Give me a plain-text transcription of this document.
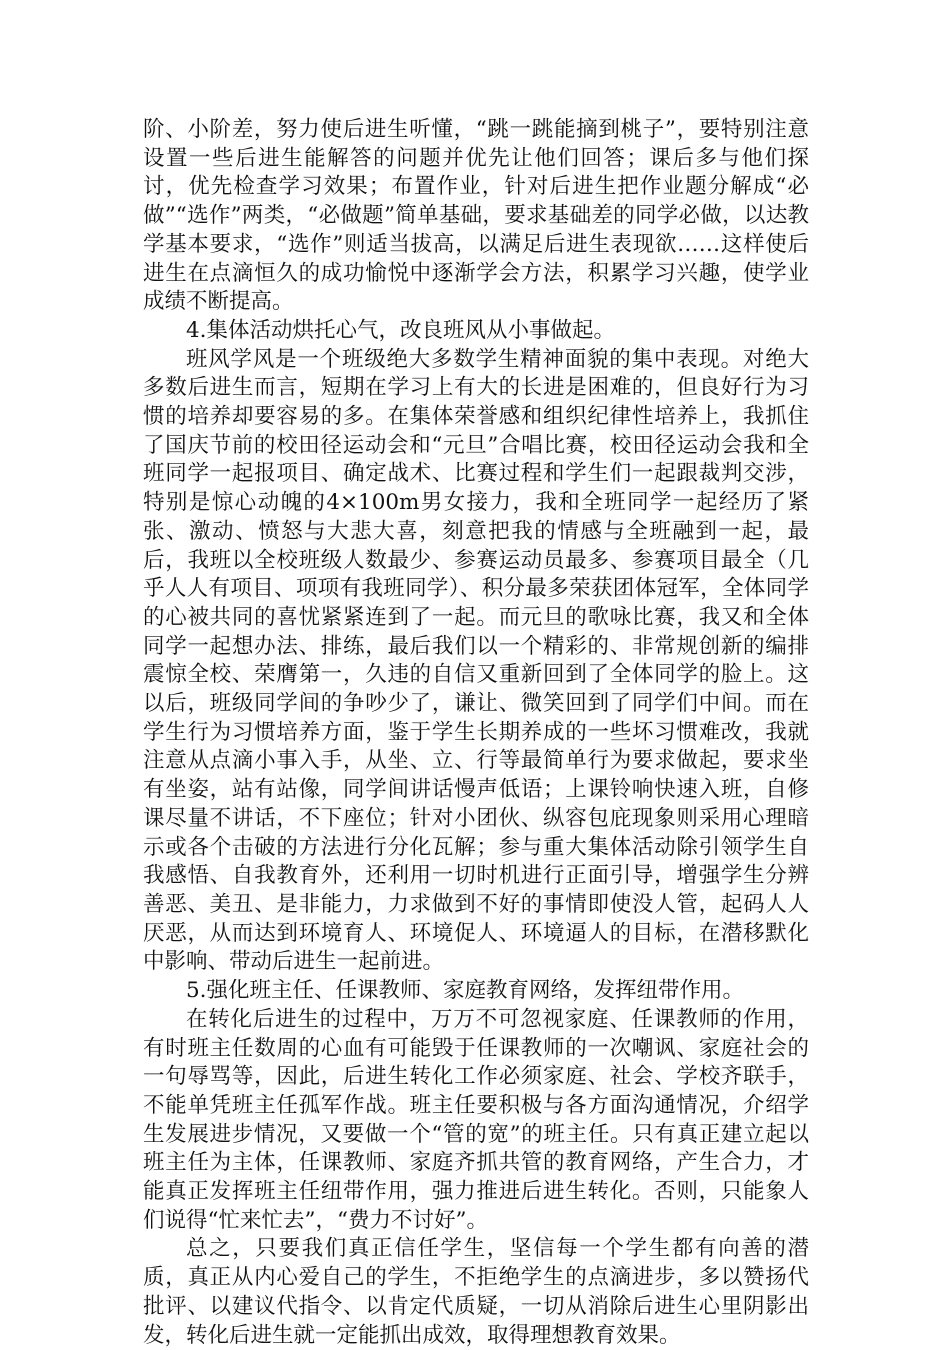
阶、小阶差，努力使后进生听懂，“跳一跳能摘到桃子”，要特别注意设置一些后进生能解答的问题并优先让他们回答；课后多与他们探讨，优先检查学习效果；布置作业，针对后进生把作业题分解成“必做”“选作”两类，“必做题”简单基础，要求基础差的同学必做，以达教学基本要求，“选作”则适当拔高，以满足后进生表现欲……这样使后进生在点滴恒久的成功愉悦中逐渐学会方法，积累学习兴趣，使学业成绩不断提高。

4.集体活动烘托心气，改良班风从小事做起。

班风学风是一个班级绝大多数学生精神面貌的集中表现。对绝大多数后进生而言，短期在学习上有大的长进是困难的，但良好行为习惯的培养却要容易的多。在集体荣誉感和组织纪律性培养上，我抓住了国庆节前的校田径运动会和“元旦”合唱比赛，校田径运动会我和全班同学一起报项目、确定战术、比赛过程和学生们一起跟裁判交涉，特别是惊心动魄的4×100m男女接力，我和全班同学一起经历了紧张、激动、愤怒与大悲大喜，刻意把我的情感与全班融到一起，最后，我班以全校班级人数最少、参赛运动员最多、参赛项目最全（几乎人人有项目、项项有我班同学）、积分最多荣获团体冠军，全体同学的心被共同的喜忧紧紧连到了一起。而元旦的歌咏比赛，我又和全体同学一起想办法、排练，最后我们以一个精彩的、非常规创新的编排震惊全校、荣膺第一，久违的自信又重新回到了全体同学的脸上。这以后，班级同学间的争吵少了，谦让、微笑回到了同学们中间。而在学生行为习惯培养方面，鉴于学生长期养成的一些坏习惯难改，我就注意从点滴小事入手，从坐、立、行等最简单行为要求做起，要求坐有坐姿，站有站像，同学间讲话慢声低语；上课铃响快速入班，自修课尽量不讲话，不下座位；针对小团伙、纵容包庇现象则采用心理暗示或各个击破的方法进行分化瓦解；参与重大集体活动除引领学生自我感悟、自我教育外，还利用一切时机进行正面引导，增强学生分辨善恶、美丑、是非能力，力求做到不好的事情即使没人管，起码人人厌恶，从而达到环境育人、环境促人、环境逼人的目标，在潜移默化中影响、带动后进生一起前进。

5.强化班主任、任课教师、家庭教育网络，发挥纽带作用。

在转化后进生的过程中，万万不可忽视家庭、任课教师的作用，有时班主任数周的心血有可能毁于任课教师的一次嘲讽、家庭社会的一句辱骂等，因此，后进生转化工作必须家庭、社会、学校齐联手，不能单凭班主任孤军作战。班主任要积极与各方面沟通情况，介绍学生发展进步情况，又要做一个“管的宽”的班主任。只有真正建立起以班主任为主体，任课教师、家庭齐抓共管的教育网络，产生合力，才能真正发挥班主任纽带作用，强力推进后进生转化。否则，只能象人们说得“忙来忙去”，“费力不讨好”。

总之，只要我们真正信任学生，坚信每一个学生都有向善的潜质，真正从内心爱自己的学生，不拒绝学生的点滴进步，多以赞扬代批评、以建议代指令、以肯定代质疑，一切从消除后进生心里阴影出发，转化后进生就一定能抓出成效，取得理想教育效果。
